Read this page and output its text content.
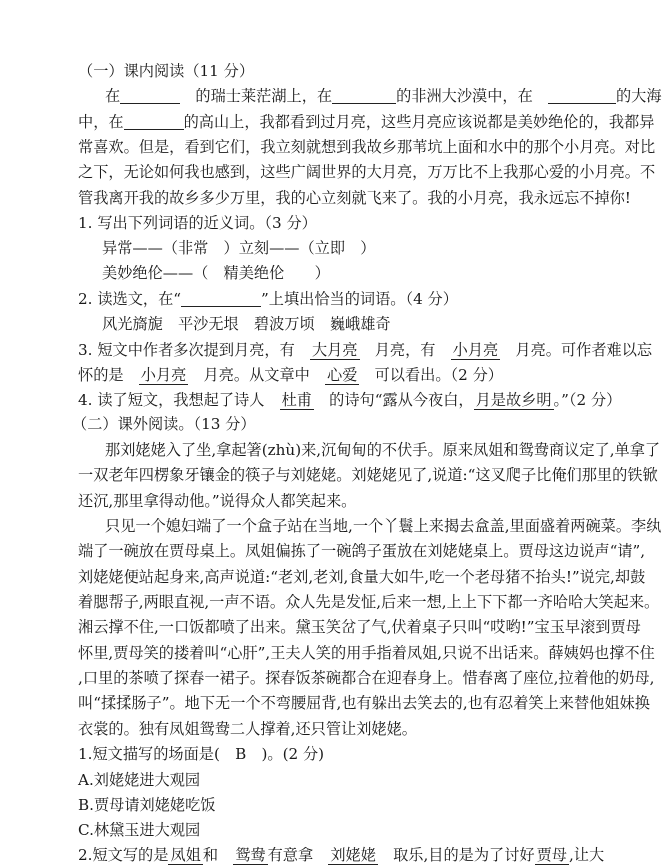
（一）课内阅读（11 分）
在　	的瑞士莱茫湖上，在	的非洲大沙漠中，在　	的大海
中，在	的高山上，我都看到过月亮，这些月亮应该说都是美妙绝伦的，我都异
常喜欢。但是，看到它们，我立刻就想到我故乡那苇坑上面和水中的那个小月亮。对比
之下，无论如何我也感到，这些广阔世界的大月亮，万万比不上我那心爱的小月亮。不
管我离开我的故乡多少万里，我的心立刻就飞来了。我的小月亮，我永远忘不掉你!
1. 写出下列词语的近义词。（3 分）
异常——（非常　）立刻——（立即　）
美妙绝伦——（　 精美绝伦　　 ）
2. 读选文，在“	”上填出恰当的词语。（4 分）
风光旖旎　平沙无垠　碧波万顷　巍峨雄奇
3. 短文中作者多次提到月亮，有　 大月亮　 月亮，有　 小月亮　 月亮。可作者难以忘
怀的是　 小月亮　 月亮。从文章中　 心爱　 可以看出。（2 分）
4. 读了短文，我想起了诗人　 杜甫　 的诗句“露从今夜白， 月是故乡明 。”（2 分）
（二）课外阅读。（13 分）
那刘姥姥入了坐,拿起箸(zhù)来,沉甸甸的不伏手。原来凤姐和鸳鸯商议定了,单拿了
一双老年四楞象牙镶金的筷子与刘姥姥。刘姥姥见了,说道:“这叉爬子比俺们那里的铁锨
还沉,那里拿得动他。”说得众人都笑起来。
只见一个媳妇端了一个盒子站在当地,一个丫鬟上来揭去盒盖,里面盛着两碗菜。李纨
端了一碗放在贾母桌上。凤姐偏拣了一碗鸽子蛋放在刘姥姥桌上。贾母这边说声“请”,
刘姥姥便站起身来,高声说道:“老刘,老刘,食量大如牛,吃一个老母猪不抬头!”说完,却鼓
着腮帮子,两眼直视,一声不语。众人先是发怔,后来一想,上上下下都一齐哈哈大笑起来。
湘云撑不住,一口饭都喷了出来。黛玉笑岔了气,伏着桌子只叫“哎哟!”宝玉早滚到贾母
怀里,贾母笑的搂着叫“心肝”,王夫人笑的用手指着凤姐,只说不出话来。薛姨妈也撑不住
,口里的茶喷了探春一裙子。探春饭茶碗都合在迎春身上。惜春离了座位,拉着他的奶母,
叫“揉揉肠子”。地下无一个不弯腰屈背,也有躲出去笑去的,也有忍着笑上来替他姐妹换
衣裳的。独有凤姐鸳鸯二人撑着,还只管让刘姥姥。
1.短文描写的场面是(　B　)。(2 分)
A.刘姥姥进大观园
B.贾母请刘姥姥吃饭
C.林黛玉进大观园
2.短文写的是 凤姐 和　 鸳鸯 有意拿　 刘姥姥　 取乐,目的是为了讨好 贾母 ,让大
